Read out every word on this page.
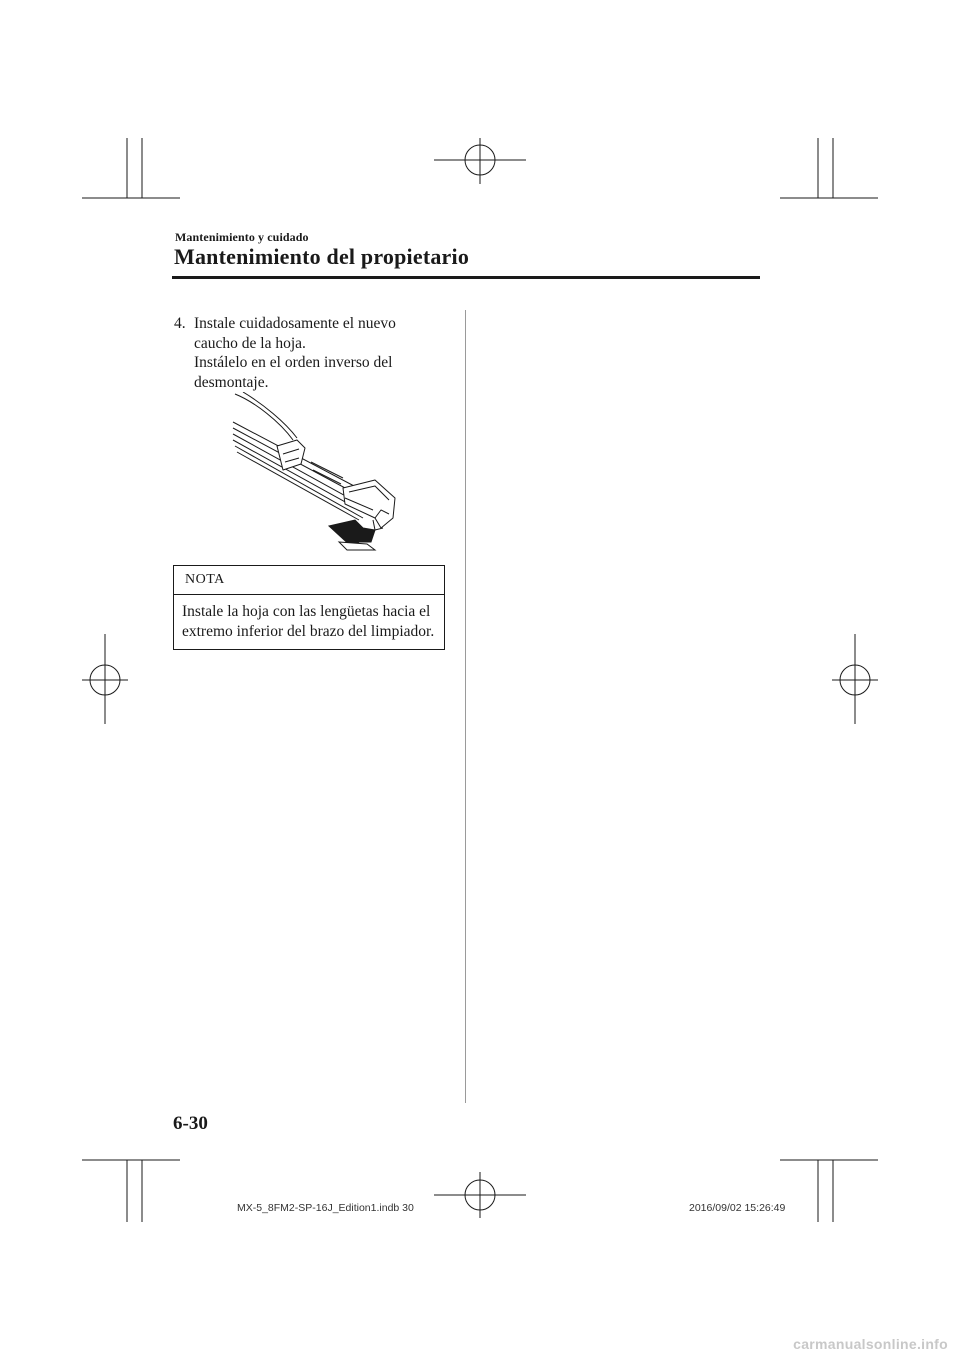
Mantenimiento y cuidado
Mantenimiento del propietario
4. Instale cuidadosamente el nuevo
caucho de la hoja.
Instálelo en el orden inverso del
desmontaje.
NOTA
Instale la hoja con las lengüetas hacia el
extremo inferior del brazo del limpiador.
6-30
MX-5_8FM2-SP-16J_Edition1.indb 30	2016/09/02 15:26:49
carmanualsonline.info
